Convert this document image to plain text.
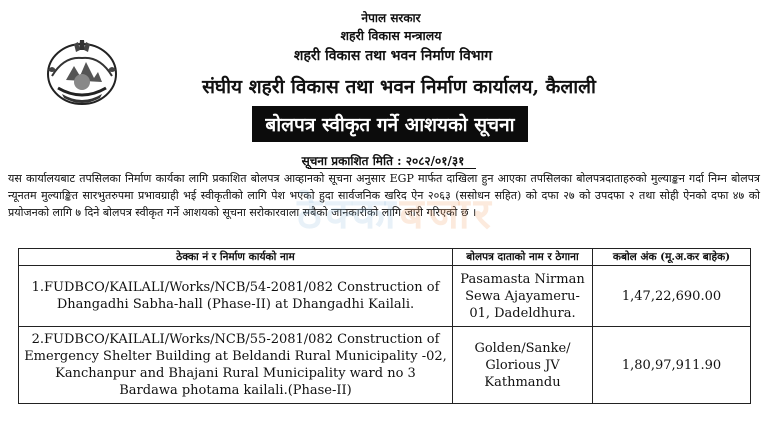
नेपाल सरकार
शहरी विकास मन्त्रालय
शहरी विकास तथा भवन निर्माण विभाग
संघीय शहरी विकास तथा भवन निर्माण कार्यालय, कैलाली
बोलपत्र स्वीकृत गर्ने आशयको सूचना
सूचना प्रकाशित मिति : २०८२/०१/३१

यस कार्यालयबाट तपसिलका निर्माण कार्यका लागि प्रकाशित बोलपत्र आव्हानको सूचना अनुसार EGP मार्फत दाखिला हुन आएका तपसिलका बोलपत्रदाताहरुको मुल्याङ्कन गर्दा निम्न बोलपत्र न्यूनतम मुल्याङ्कित सारभुतरुपमा प्रभावग्राही भई स्वीकृतीको लागि पेश भएको हुदा सार्वजनिक खरिद ऐन २०६३ (ससोधन सहित) को दफा २७ को उपदफा २ तथा सोही ऐनको दफा ४७ को प्रयोजनको लागि ७ दिने बोलपत्र स्वीकृत गर्ने आशयको सूचना सरोकारवाला सबैको जानकारीको लागि जारी गरिएको छ ।

ठेक्काबजार
ठेक्का नं र निर्माण कार्यको नाम	बोलपत्र दाताको नाम र ठेगाना	कबोल अंक (मू.अ.कर बाहेक)
1.FUDBCO/KAILALI/Works/NCB/54-2081/082 Construction of Dhangadhi Sabha-hall (Phase-II) at Dhangadhi Kailali.	Pasamasta Nirman Sewa Ajayameru-01, Dadeldhura.	1,47,22,690.00
2.FUDBCO/KAILALI/Works/NCB/55-2081/082 Construction of Emergency Shelter Building at Beldandi Rural Municipality -02, Kanchanpur and Bhajani Rural Municipality ward no 3 Bardawa photama kailali.(Phase-II)	Golden/Sanke/ Glorious JV Kathmandu	1,80,97,911.90
